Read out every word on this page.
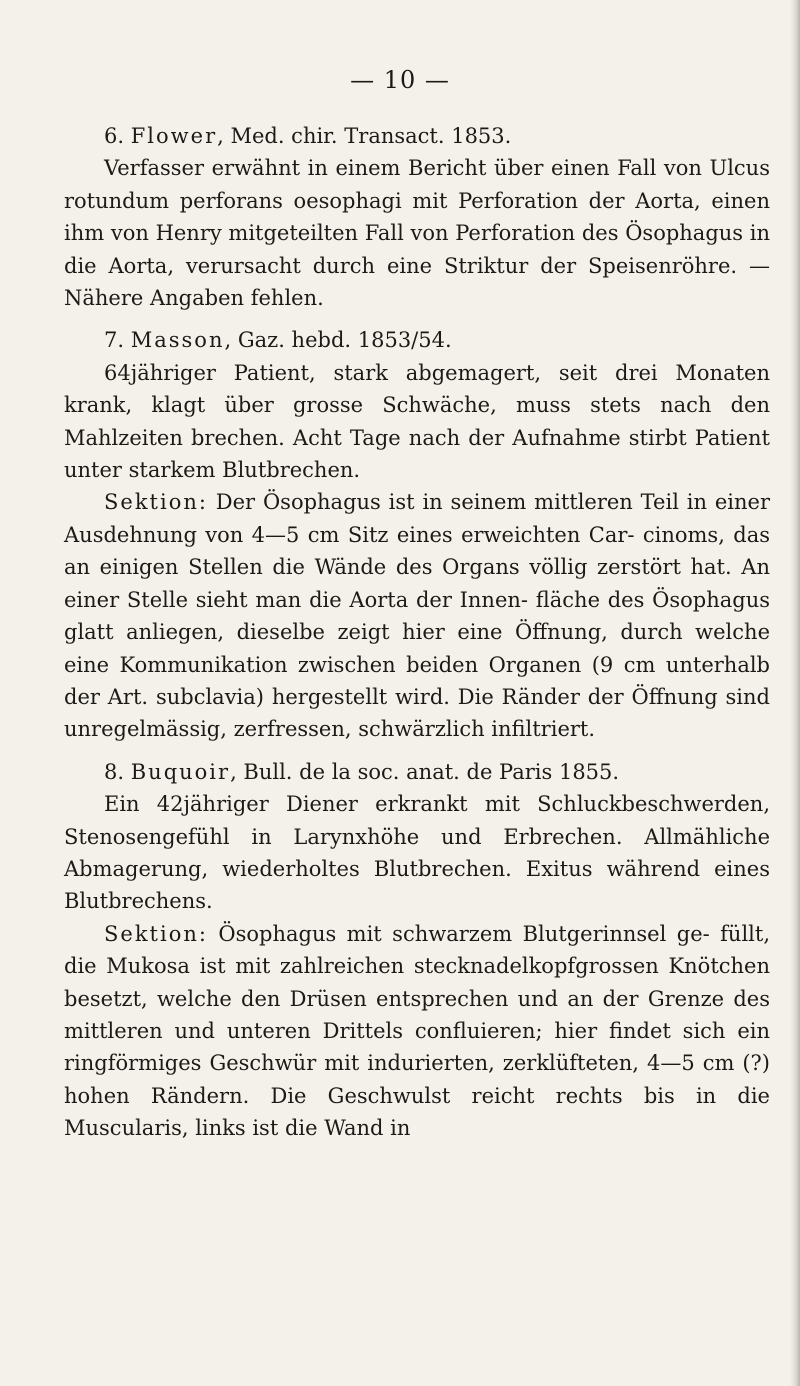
— 10 —

6. Flower, Med. chir. Transact. 1853.

Verfasser erwähnt in einem Bericht über einen Fall von Ulcus rotundum perforans oesophagi mit Perforation der Aorta, einen ihm von Henry mitgeteilten Fall von Perforation des Ösophagus in die Aorta, verursacht durch eine Striktur der Speisenröhre. — Nähere Angaben fehlen.

7. Masson, Gaz. hebd. 1853/54.

64jähriger Patient, stark abgemagert, seit drei Monaten krank, klagt über grosse Schwäche, muss stets nach den Mahlzeiten brechen. Acht Tage nach der Aufnahme stirbt Patient unter starkem Blutbrechen.

Sektion: Der Ösophagus ist in seinem mittleren Teil in einer Ausdehnung von 4—5 cm Sitz eines erweichten Car- cinoms, das an einigen Stellen die Wände des Organs völlig zerstört hat. An einer Stelle sieht man die Aorta der Innen- fläche des Ösophagus glatt anliegen, dieselbe zeigt hier eine Öffnung, durch welche eine Kommunikation zwischen beiden Organen (9 cm unterhalb der Art. subclavia) hergestellt wird. Die Ränder der Öffnung sind unregelmässig, zerfressen, schwärzlich infiltriert.

8. Buquoir, Bull. de la soc. anat. de Paris 1855.

Ein 42jähriger Diener erkrankt mit Schluckbeschwerden, Stenosengefühl in Larynxhöhe und Erbrechen. Allmähliche Abmagerung, wiederholtes Blutbrechen. Exitus während eines Blutbrechens.

Sektion: Ösophagus mit schwarzem Blutgerinnsel ge- füllt, die Mukosa ist mit zahlreichen stecknadelkopfgrossen Knötchen besetzt, welche den Drüsen entsprechen und an der Grenze des mittleren und unteren Drittels confluieren; hier findet sich ein ringförmiges Geschwür mit indurierten, zerklüfteten, 4—5 cm (?) hohen Rändern. Die Geschwulst reicht rechts bis in die Muscularis, links ist die Wand in
